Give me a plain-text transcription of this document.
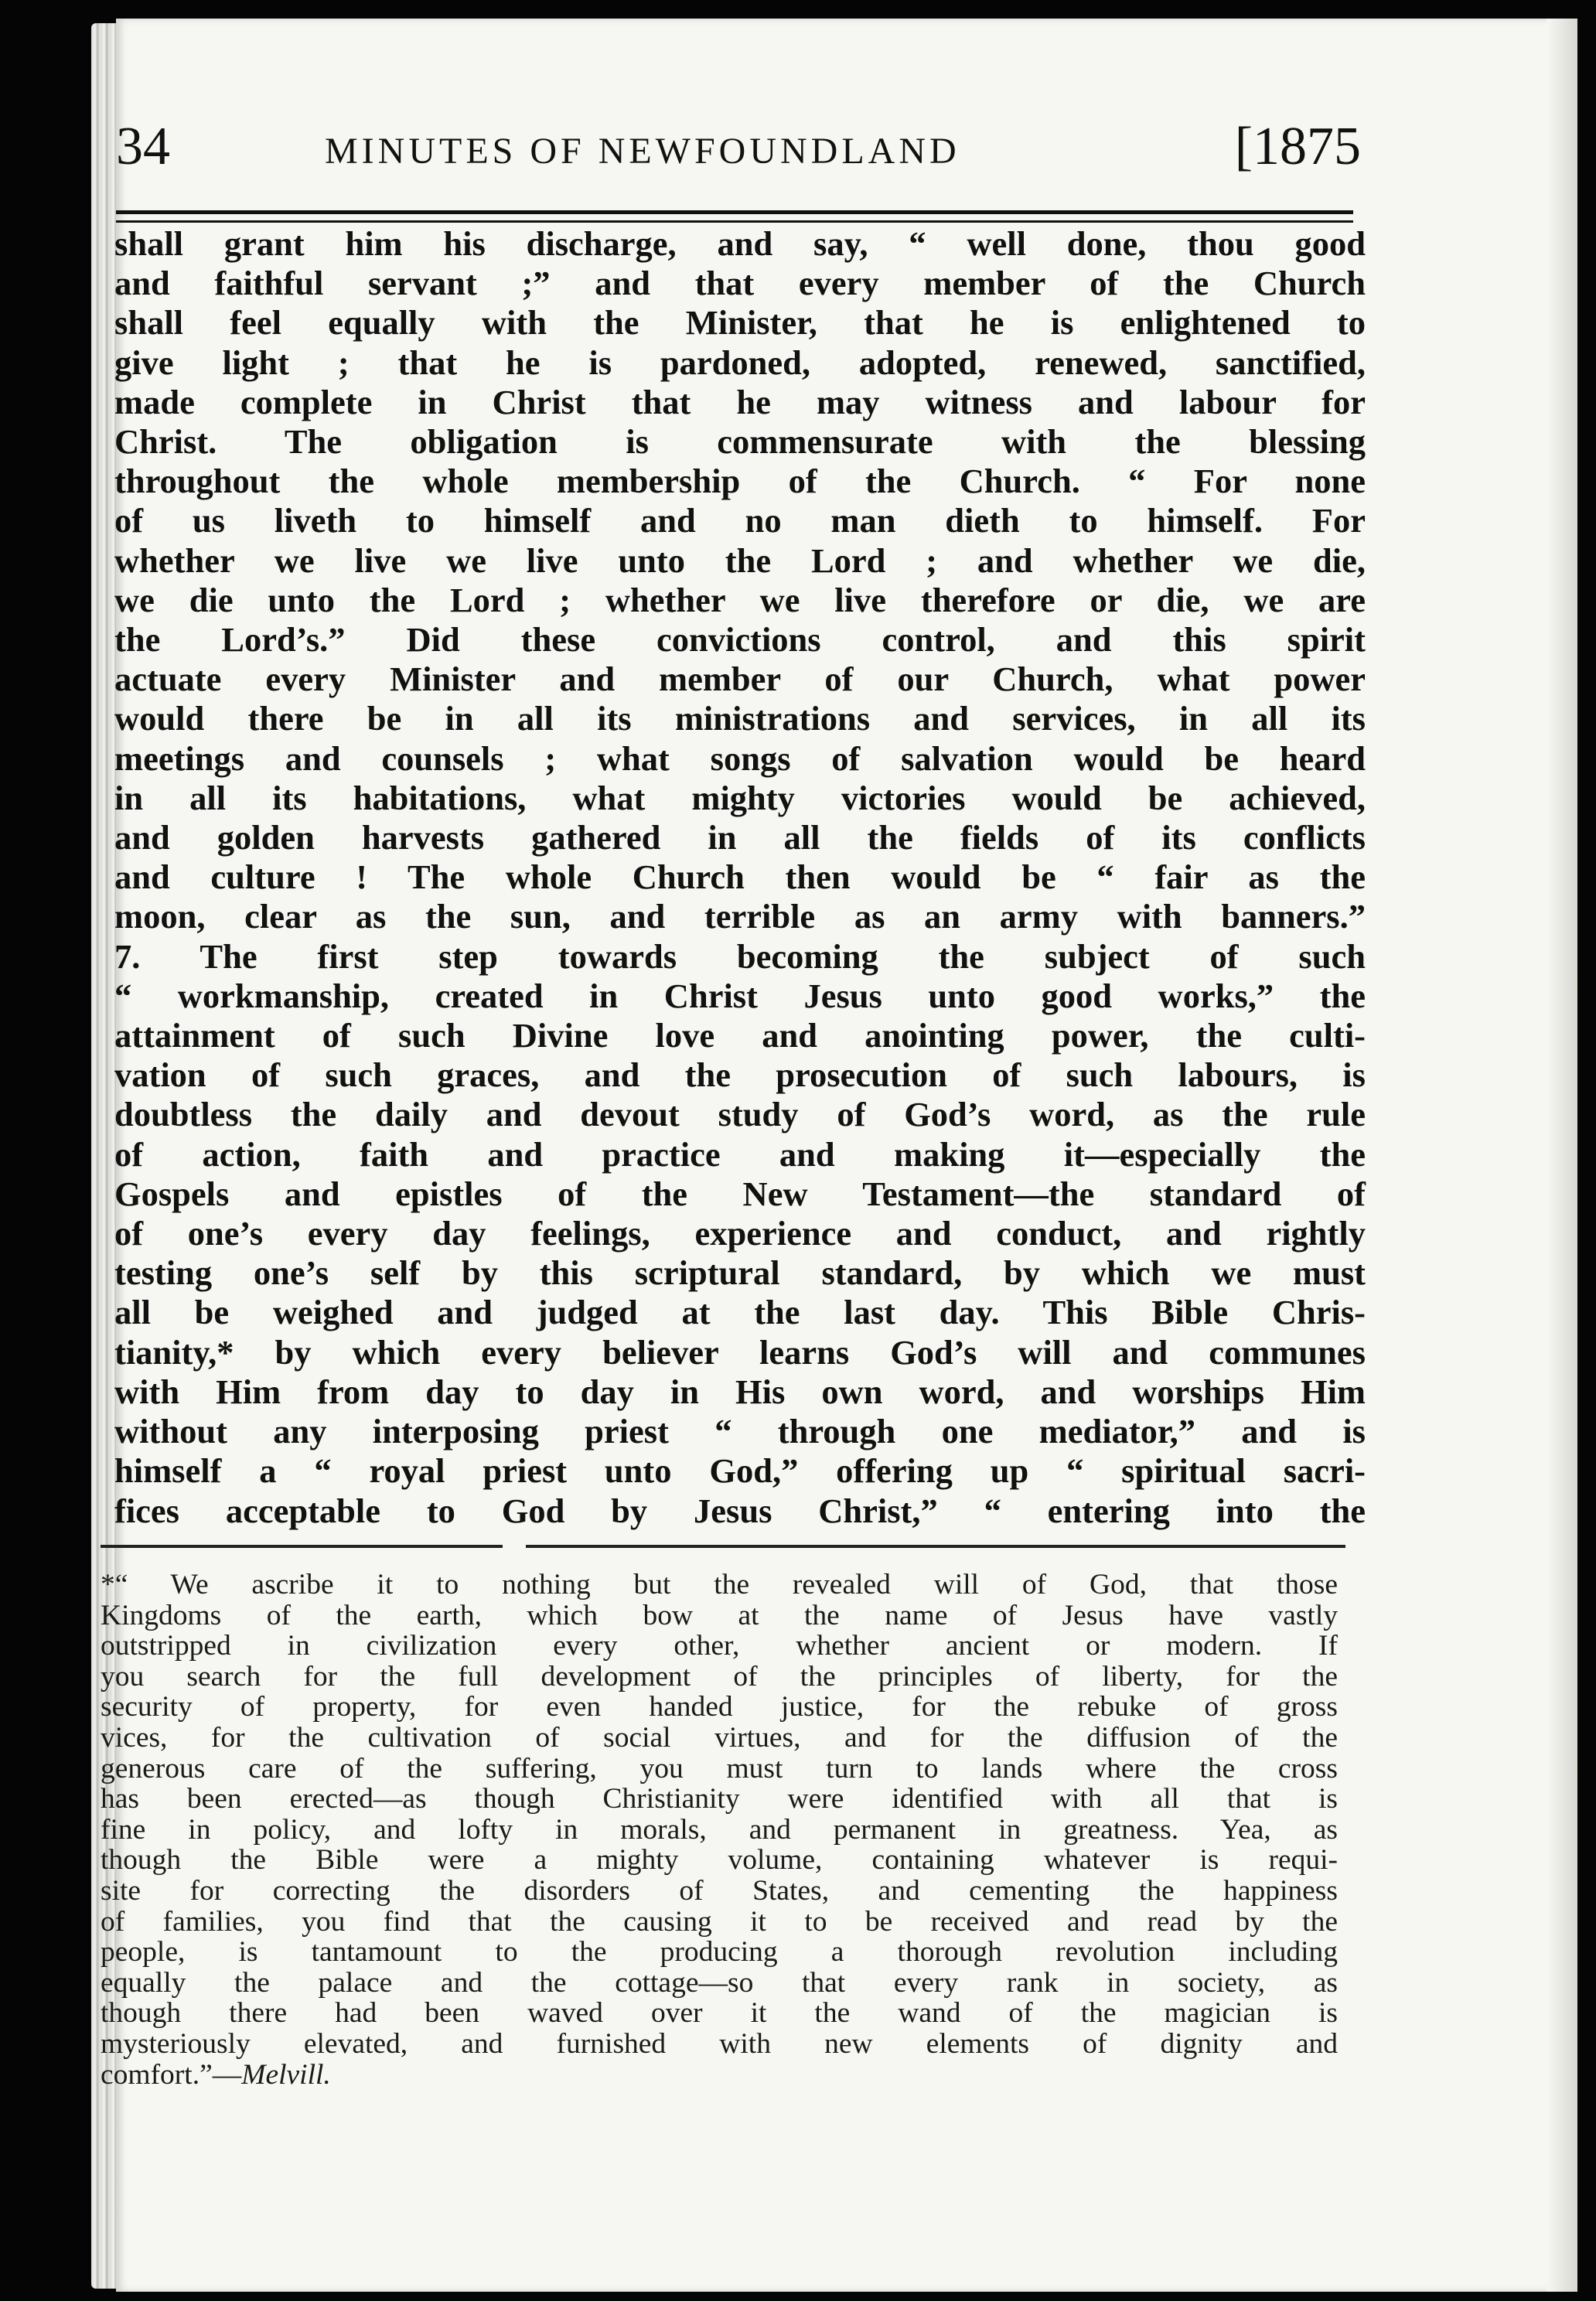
34	MINUTES OF NEWFOUNDLAND	[1875
shall grant him his discharge, and say, “ well done, thou good
and faithful servant ;” and that every member of the Church
shall feel equally with the Minister, that he is enlightened to
give light ; that he is pardoned, adopted, renewed, sanctified,
made complete in Christ that he may witness and labour for
Christ. The obligation is commensurate with the blessing
throughout the whole membership of the Church. “ For none
of us liveth to himself and no man dieth to himself. For
whether we live we live unto the Lord ; and whether we die,
we die unto the Lord ; whether we live therefore or die, we are
the Lord’s.” Did these convictions control, and this spirit
actuate every Minister and member of our Church, what power
would there be in all its ministrations and services, in all its
meetings and counsels ; what songs of salvation would be heard
in all its habitations, what mighty victories would be achieved,
and golden harvests gathered in all the fields of its conflicts
and culture ! The whole Church then would be “ fair as the
moon, clear as the sun, and terrible as an army with banners.”
7. The first step towards becoming the subject of such
“ workmanship, created in Christ Jesus unto good works,” the
attainment of such Divine love and anointing power, the culti-
vation of such graces, and the prosecution of such labours, is
doubtless the daily and devout study of God’s word, as the rule
of action, faith and practice and making it—especially the
Gospels and epistles of the New Testament—the standard of
of one’s every day feelings, experience and conduct, and rightly
testing one’s self by this scriptural standard, by which we must
all be weighed and judged at the last day. This Bible Chris-
tianity,* by which every believer learns God’s will and communes
with Him from day to day in His own word, and worships Him
without any interposing priest “ through one mediator,” and is
himself a “ royal priest unto God,” offering up “ spiritual sacri-
fices acceptable to God by Jesus Christ,” “ entering into the
*“ We ascribe it to nothing but the revealed will of God, that those
Kingdoms of the earth, which bow at the name of Jesus have vastly
outstripped in civilization every other, whether ancient or modern. If
you search for the full development of the principles of liberty, for the
security of property, for even handed justice, for the rebuke of gross
vices, for the cultivation of social virtues, and for the diffusion of the
generous care of the suffering, you must turn to lands where the cross
has been erected—as though Christianity were identified with all that is
fine in policy, and lofty in morals, and permanent in greatness. Yea, as
though the Bible were a mighty volume, containing whatever is requi-
site for correcting the disorders of States, and cementing the happiness
of families, you find that the causing it to be received and read by the
people, is tantamount to the producing a thorough revolution including
equally the palace and the cottage—so that every rank in society, as
though there had been waved over it the wand of the magician is
mysteriously elevated, and furnished with new elements of dignity and
comfort.”—Melvill.
